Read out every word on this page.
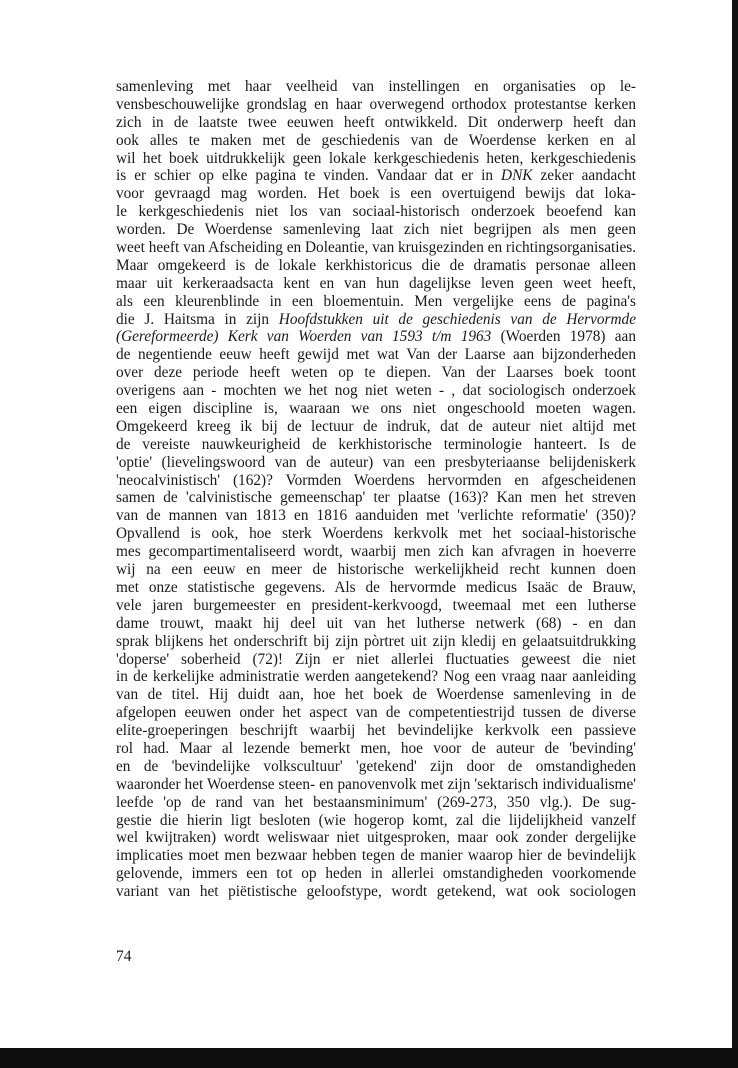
samenleving met haar veelheid van instellingen en organisaties op le-
vensbeschouwelijke grondslag en haar overwegend orthodox protestantse kerken
zich in de laatste twee eeuwen heeft ontwikkeld. Dit onderwerp heeft dan
ook alles te maken met de geschiedenis van de Woerdense kerken en al
wil het boek uitdrukkelijk geen lokale kerkgeschiedenis heten, kerkgeschiedenis
is er schier op elke pagina te vinden. Vandaar dat er in DNK zeker aandacht
voor gevraagd mag worden. Het boek is een overtuigend bewijs dat loka-
le kerkgeschiedenis niet los van sociaal-historisch onderzoek beoefend kan
worden. De Woerdense samenleving laat zich niet begrijpen als men geen
weet heeft van Afscheiding en Doleantie, van kruisgezinden en richtingsorganisaties.
Maar omgekeerd is de lokale kerkhistoricus die de dramatis personae alleen
maar uit kerkeraadsacta kent en van hun dagelijkse leven geen weet heeft,
als een kleurenblinde in een bloementuin. Men vergelijke eens de pagina's
die J. Haitsma in zijn Hoofdstukken uit de geschiedenis van de Hervormde
(Gereformeerde) Kerk van Woerden van 1593 t/m 1963 (Woerden 1978) aan
de negentiende eeuw heeft gewijd met wat Van der Laarse aan bijzonderheden
over deze periode heeft weten op te diepen. Van der Laarses boek toont
overigens aan - mochten we het nog niet weten - , dat sociologisch onderzoek
een eigen discipline is, waaraan we ons niet ongeschoold moeten wagen.
Omgekeerd kreeg ik bij de lectuur de indruk, dat de auteur niet altijd met
de vereiste nauwkeurigheid de kerkhistorische terminologie hanteert. Is de
'optie' (lievelingswoord van de auteur) van een presbyteriaanse belijdeniskerk
'neocalvinistisch' (162)? Vormden Woerdens hervormden en afgescheidenen
samen de 'calvinistische gemeenschap' ter plaatse (163)? Kan men het streven
van de mannen van 1813 en 1816 aanduiden met 'verlichte reformatie' (350)?
Opvallend is ook, hoe sterk Woerdens kerkvolk met het sociaal-historische
mes gecompartimentaliseerd wordt, waarbij men zich kan afvragen in hoeverre
wij na een eeuw en meer de historische werkelijkheid recht kunnen doen
met onze statistische gegevens. Als de hervormde medicus Isaäc de Brauw,
vele jaren burgemeester en president-kerkvoogd, tweemaal met een lutherse
dame trouwt, maakt hij deel uit van het lutherse netwerk (68) - en dan
sprak blijkens het onderschrift bij zijn pòrtret uit zijn kledij en gelaatsuitdrukking
'doperse' soberheid (72)! Zijn er niet allerlei fluctuaties geweest die niet
in de kerkelijke administratie werden aangetekend? Nog een vraag naar aanleiding
van de titel. Hij duidt aan, hoe het boek de Woerdense samenleving in de
afgelopen eeuwen onder het aspect van de competentiestrijd tussen de diverse
elite-groeperingen beschrijft waarbij het bevindelijke kerkvolk een passieve
rol had. Maar al lezende bemerkt men, hoe voor de auteur de 'bevinding'
en de 'bevindelijke volkscultuur' 'getekend' zijn door de omstandigheden
waaronder het Woerdense steen- en panovenvolk met zijn 'sektarisch individualisme'
leefde 'op de rand van het bestaansminimum' (269-273, 350 vlg.). De sug-
gestie die hierin ligt besloten (wie hogerop komt, zal die lijdelijkheid vanzelf
wel kwijtraken) wordt weliswaar niet uitgesproken, maar ook zonder dergelijke
implicaties moet men bezwaar hebben tegen de manier waarop hier de bevindelijk
gelovende, immers een tot op heden in allerlei omstandigheden voorkomende
variant van het piëtistische geloofstype, wordt getekend, wat ook sociologen
74
